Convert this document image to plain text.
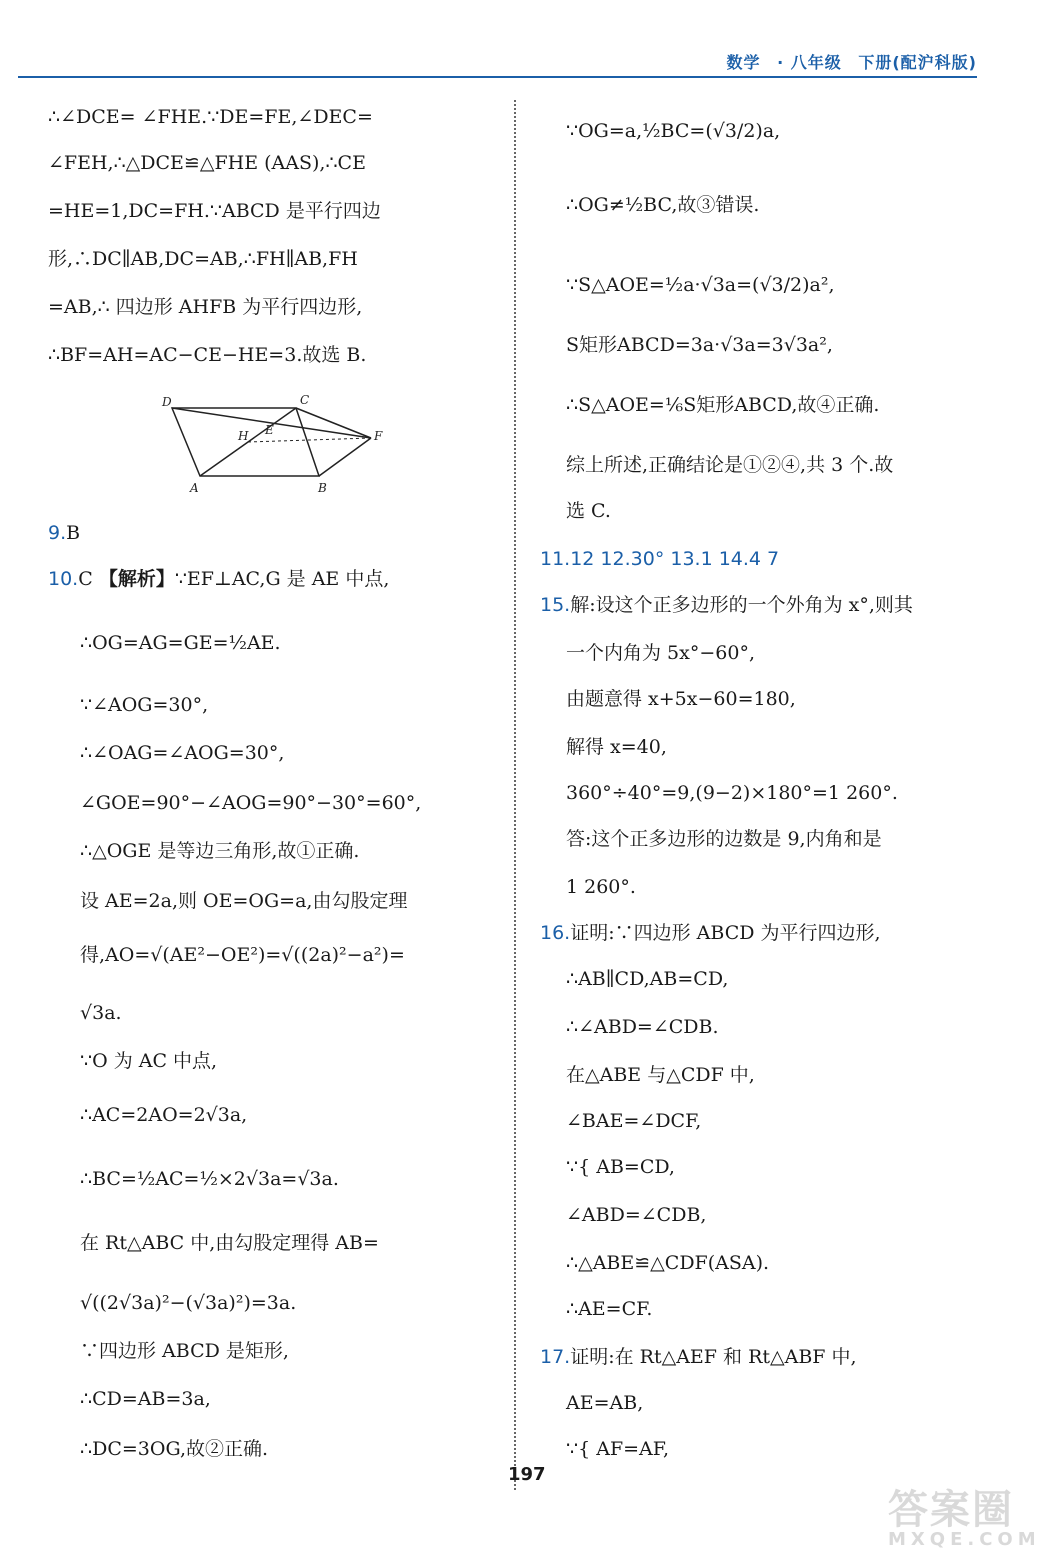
数学 · 八年级 下册(配沪科版)
∴∠DCE= ∠FHE.∵DE=FE,∠DEC=
∠FEH,∴△DCE≌△FHE (AAS),∴CE
=HE=1,DC=FH.∵ABCD 是平行四边
形,∴DC∥AB,DC=AB,∴FH∥AB,FH
=AB,∴ 四边形 AHFB 为平行四边形,
∴BF=AH=AC−CE−HE=3.故选 B.
D	C
H E	F
A	B
9.B
10.C 【解析】∵EF⊥AC,G 是 AE 中点,
∴OG=AG=GE=½AE.
∵∠AOG=30°,
∴∠OAG=∠AOG=30°,
∠GOE=90°−∠AOG=90°−30°=60°,
∴△OGE 是等边三角形,故①正确.
设 AE=2a,则 OE=OG=a,由勾股定理
得,AO=√(AE²−OE²)=√((2a)²−a²)=
√3a.
∵O 为 AC 中点,
∴AC=2AO=2√3a,
∴BC=½AC=½×2√3a=√3a.
在 Rt△ABC 中,由勾股定理得 AB=
√((2√3a)²−(√3a)²)=3a.
∵四边形 ABCD 是矩形,
∴CD=AB=3a,
∴DC=3OG,故②正确.
∵OG=a,½BC=(√3/2)a,
∴OG≠½BC,故③错误.
∵S△AOE=½a·√3a=(√3/2)a²,
S矩形ABCD=3a·√3a=3√3a²,
∴S△AOE=⅙S矩形ABCD,故④正确.
综上所述,正确结论是①②④,共 3 个.故
选 C.
11.12 12.30° 13.1 14.4 7
15.解:设这个正多边形的一个外角为 x°,则其
一个内角为 5x°−60°,
由题意得 x+5x−60=180,
解得 x=40,
360°÷40°=9,(9−2)×180°=1 260°.
答:这个正多边形的边数是 9,内角和是
1 260°.
16.证明:∵四边形 ABCD 为平行四边形,
∴AB∥CD,AB=CD,
∴∠ABD=∠CDB.
在△ABE 与△CDF 中,
∠BAE=∠DCF,
∵{ AB=CD,
∠ABD=∠CDB,
∴△ABE≌△CDF(ASA).
∴AE=CF.
17.证明:在 Rt△AEF 和 Rt△ABF 中,
AE=AB,
∵{ AF=AF,
197
答案圈
MXQE.COM
